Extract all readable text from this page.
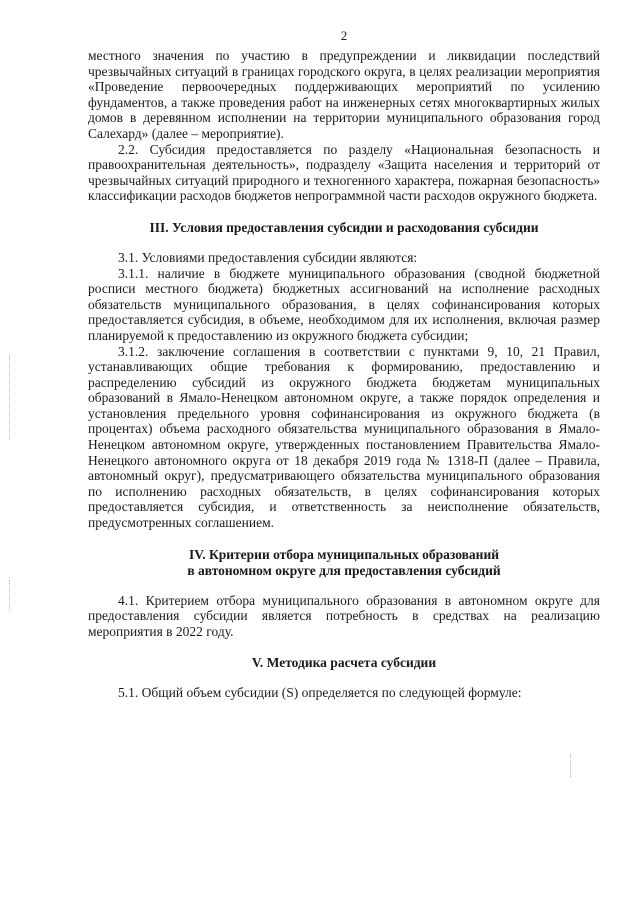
2

местного значения по участию в предупреждении и ликвидации последствий чрезвычайных ситуаций в границах городского округа, в целях реализации мероприятия «Проведение первоочередных поддерживающих мероприятий по усилению фундаментов, а также проведения работ на инженерных сетях многоквартирных жилых домов в деревянном исполнении на территории муниципального образования город Салехард» (далее – мероприятие).

2.2. Субсидия предоставляется по разделу «Национальная безопасность и правоохранительная деятельность», подразделу «Защита населения и территорий от чрезвычайных ситуаций природного и техногенного характера, пожарная безопасность» классификации расходов бюджетов непрограммной части расходов окружного бюджета.

III. Условия предоставления субсидии и расходования субсидии

3.1. Условиями предоставления субсидии являются:

3.1.1. наличие в бюджете муниципального образования (сводной бюджетной росписи местного бюджета) бюджетных ассигнований на исполнение расходных обязательств муниципального образования, в целях софинансирования которых предоставляется субсидия, в объеме, необходимом для их исполнения, включая размер планируемой к предоставлению из окружного бюджета субсидии;

3.1.2. заключение соглашения в соответствии с пунктами 9, 10, 21 Правил, устанавливающих общие требования к формированию, предоставлению и распределению субсидий из окружного бюджета бюджетам муниципальных образований в Ямало-Ненецком автономном округе, а также порядок определения и установления предельного уровня софинансирования из окружного бюджета (в процентах) объема расходного обязательства муниципального образования в Ямало-Ненецком автономном округе, утвержденных постановлением Правительства Ямало-Ненецкого автономного округа от 18 декабря 2019 года № 1318-П (далее – Правила, автономный округ), предусматривающего обязательства муниципального образования по исполнению расходных обязательств, в целях софинансирования которых предоставляется субсидия, и ответственность за неисполнение обязательств, предусмотренных соглашением.

IV. Критерии отбора муниципальных образований

в автономном округе для предоставления субсидий

4.1. Критерием отбора муниципального образования в автономном округе для предоставления субсидии является потребность в средствах на реализацию мероприятия в 2022 году.

V. Методика расчета субсидии

5.1. Общий объем субсидии (S) определяется по следующей формуле:
